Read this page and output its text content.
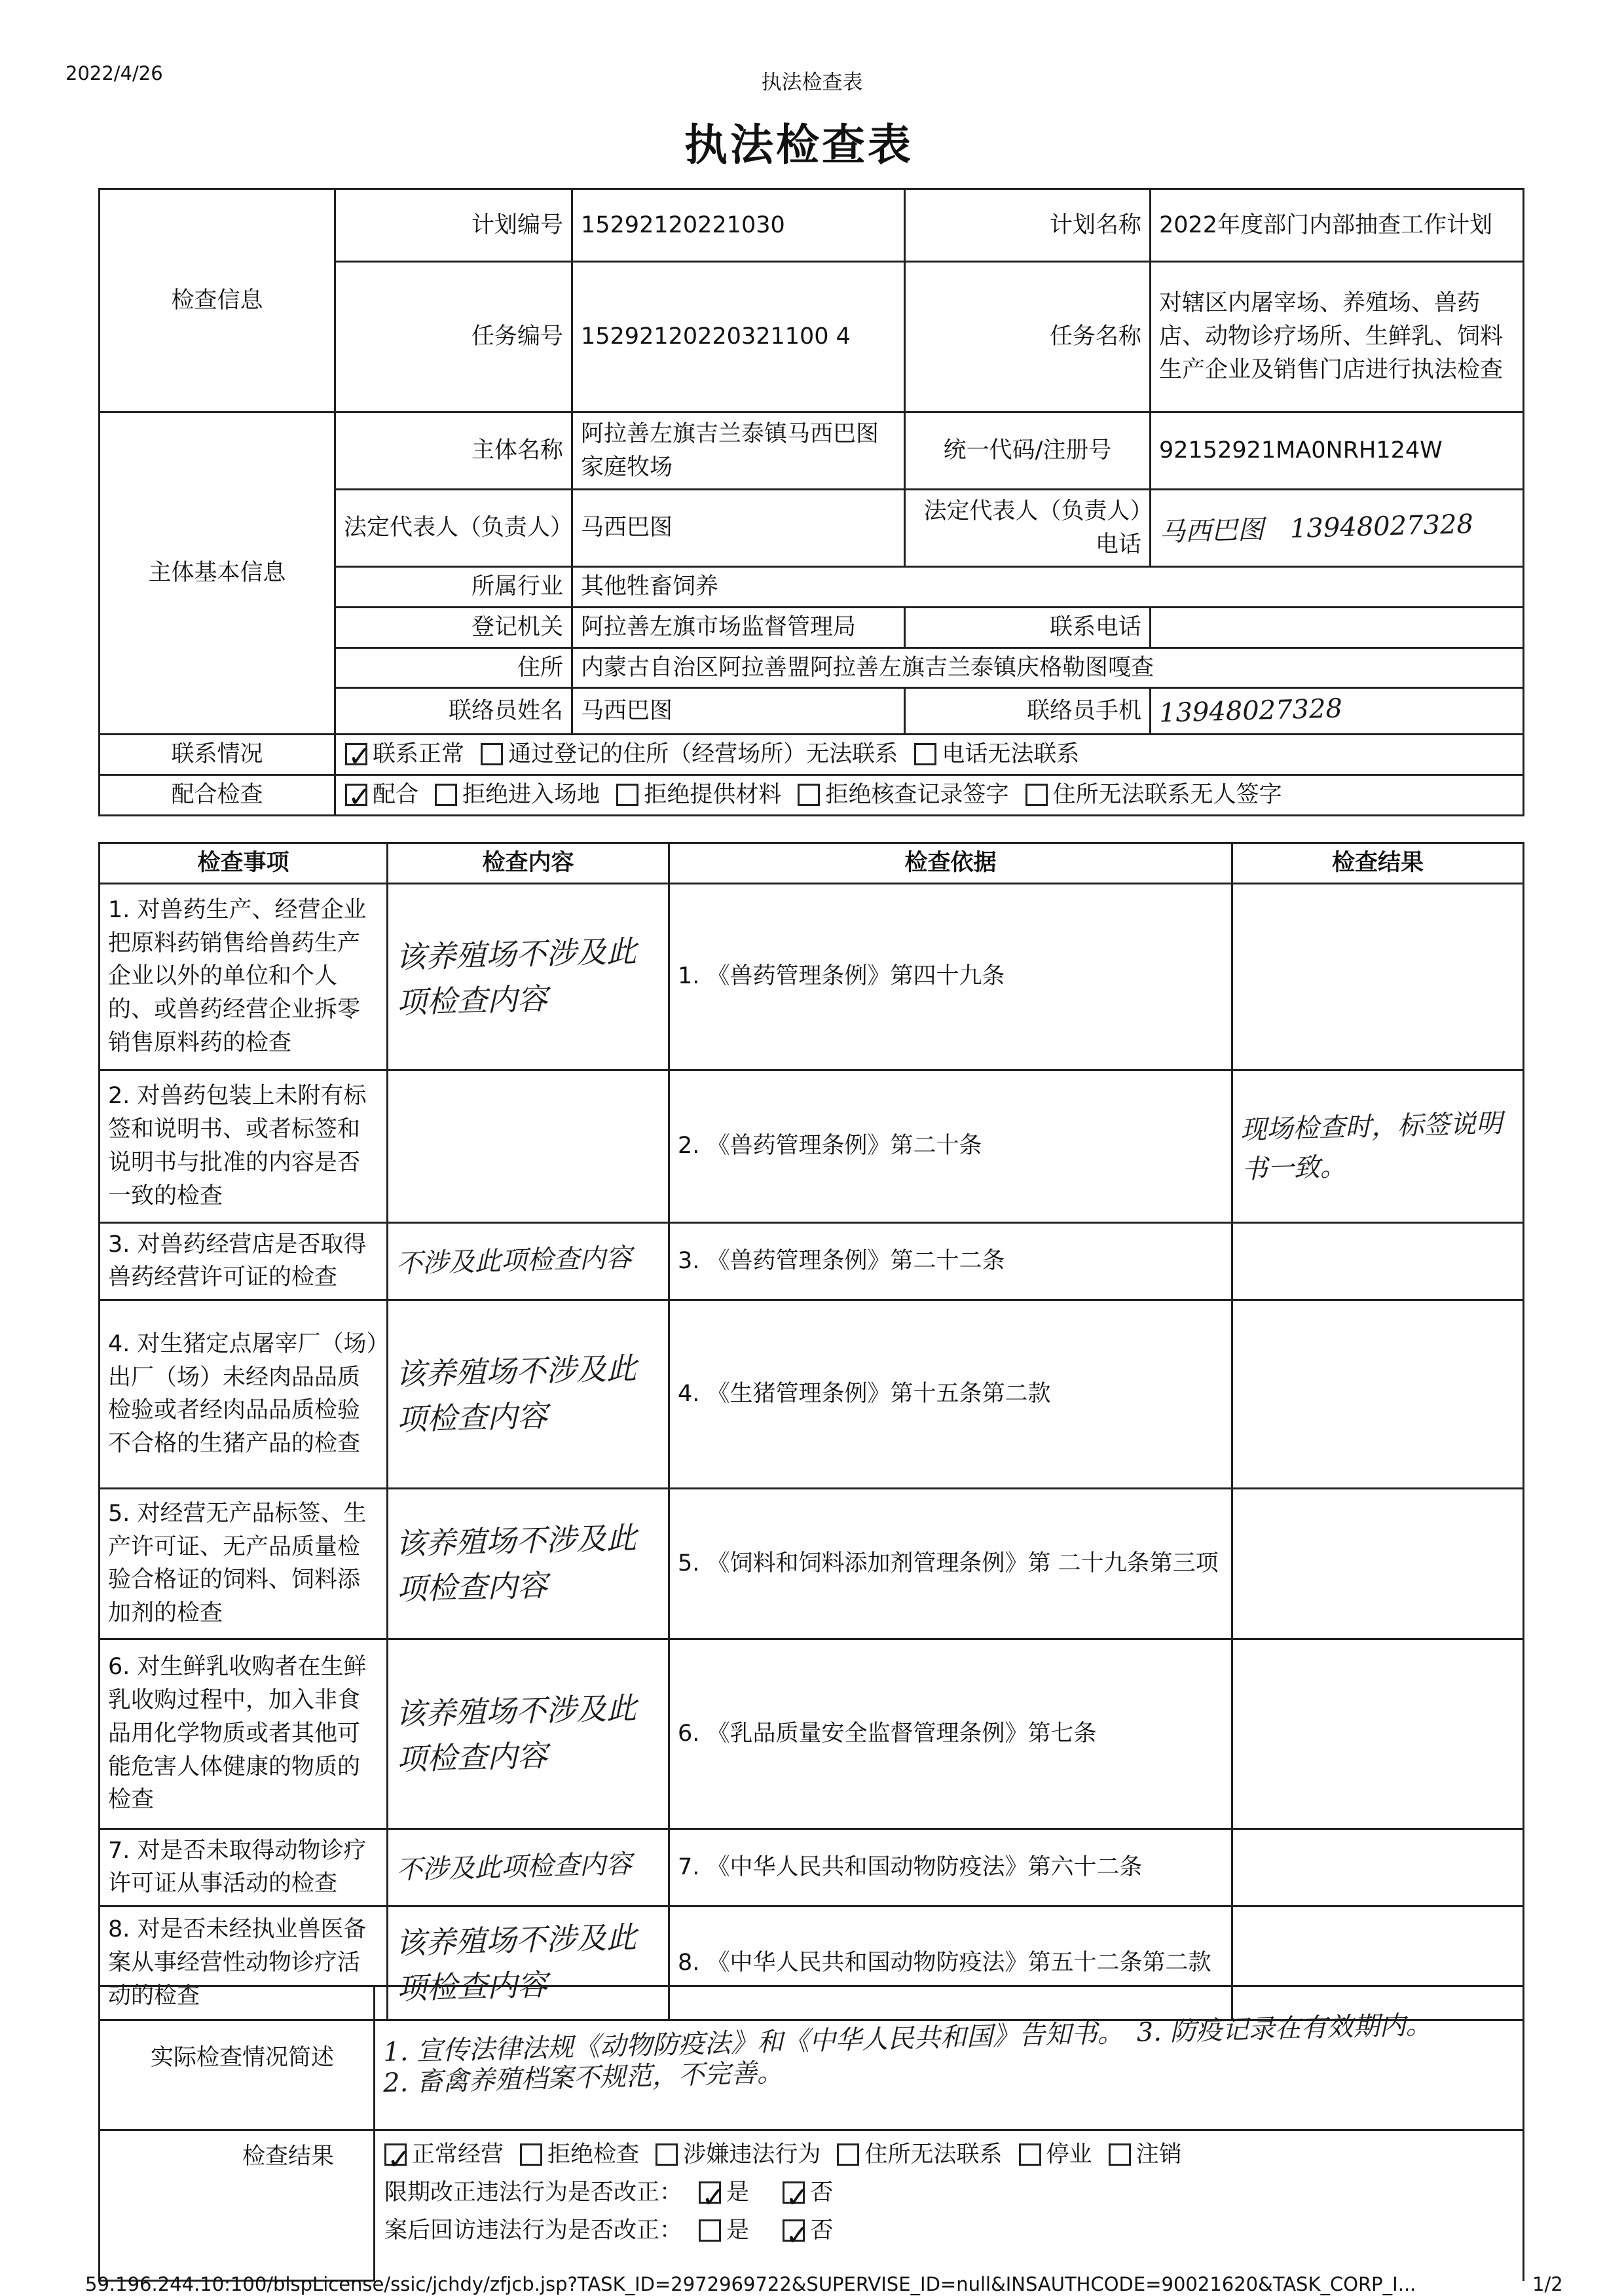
2022/4/26	执法检查表
执法检查表
检查信息	计划编号	15292120221030	计划名称	2022年度部门内部抽查工作计划
	任务编号	15292120220321100 4	任务名称	对辖区内屠宰场、养殖场、兽药店、动物诊疗场所、生鲜乳、饲料生产企业及销售门店进行执法检查
主体基本信息	主体名称	阿拉善左旗吉兰泰镇马西巴图家庭牧场	统一代码/注册号	92152921MA0NRH124W
	法定代表人（负责人）	马西巴图	法定代表人（负责人）电话	马西巴图　13948027328
	所属行业	其他牲畜饲养		
	登记机关	阿拉善左旗市场监督管理局	联系电话	
	住所	内蒙古自治区阿拉善盟阿拉善左旗吉兰泰镇庆格勒图嘎查		
	联络员姓名	马西巴图	联络员手机	13948027328
联系情况	✓联系正常 通过登记的住所（经营场所）无法联系 电话无法联系
配合检查	✓配合 拒绝进入场地 拒绝提供材料 拒绝核查记录签字 住所无法联系无人签字
检查事项	检查内容	检查依据	检查结果
1. 对兽药生产、经营企业把原料药销售给兽药生产企业以外的单位和个人的、或兽药经营企业拆零销售原料药的检查	该养殖场不涉及此项检查内容	1. 《兽药管理条例》第四十九条	
2. 对兽药包装上未附有标签和说明书、或者标签和说明书与批准的内容是否一致的检查		2. 《兽药管理条例》第二十条	现场检查时，标签说明书一致。
3. 对兽药经营店是否取得兽药经营许可证的检查	不涉及此项检查内容	3. 《兽药管理条例》第二十二条	
4. 对生猪定点屠宰厂（场）出厂（场）未经肉品品质检验或者经肉品品质检验不合格的生猪产品的检查	该养殖场不涉及此项检查内容	4. 《生猪管理条例》第十五条第二款	
5. 对经营无产品标签、生产许可证、无产品质量检验合格证的饲料、饲料添加剂的检查	该养殖场不涉及此项检查内容	5. 《饲料和饲料添加剂管理条例》第 二十九条第三项	
6. 对生鲜乳收购者在生鲜乳收购过程中，加入非食品用化学物质或者其他可能危害人体健康的物质的检查	该养殖场不涉及此项检查内容	6. 《乳品质量安全监督管理条例》第七条	
7. 对是否未取得动物诊疗许可证从事活动的检查	不涉及此项检查内容	7. 《中华人民共和国动物防疫法》第六十二条	
8. 对是否未经执业兽医备案从事经营性动物诊疗活动的检查	该养殖场不涉及此项检查内容	8. 《中华人民共和国动物防疫法》第五十二条第二款	
实际检查情况简述	1. 宣传法律法规《动物防疫法》和《中华人民共和国》告知书。　3. 防疫记录在有效期内。 2. 畜禽养殖档案不规范，不完善。
检查结果	
✓正常经营 拒绝检查 涉嫌违法行为 住所无法联系 停业 注销
限期改正违法行为是否改正： ✓ 是 ✓ 否
案后回访违法行为是否改正： 是 ✓ 否
59.196.244.10:100/blspLicense/ssic/jchdy/zfjcb.jsp?TASK_ID=2972969722&SUPERVISE_ID=null&INSAUTHCODE=90021620&TASK_CORP_I...	1/2
